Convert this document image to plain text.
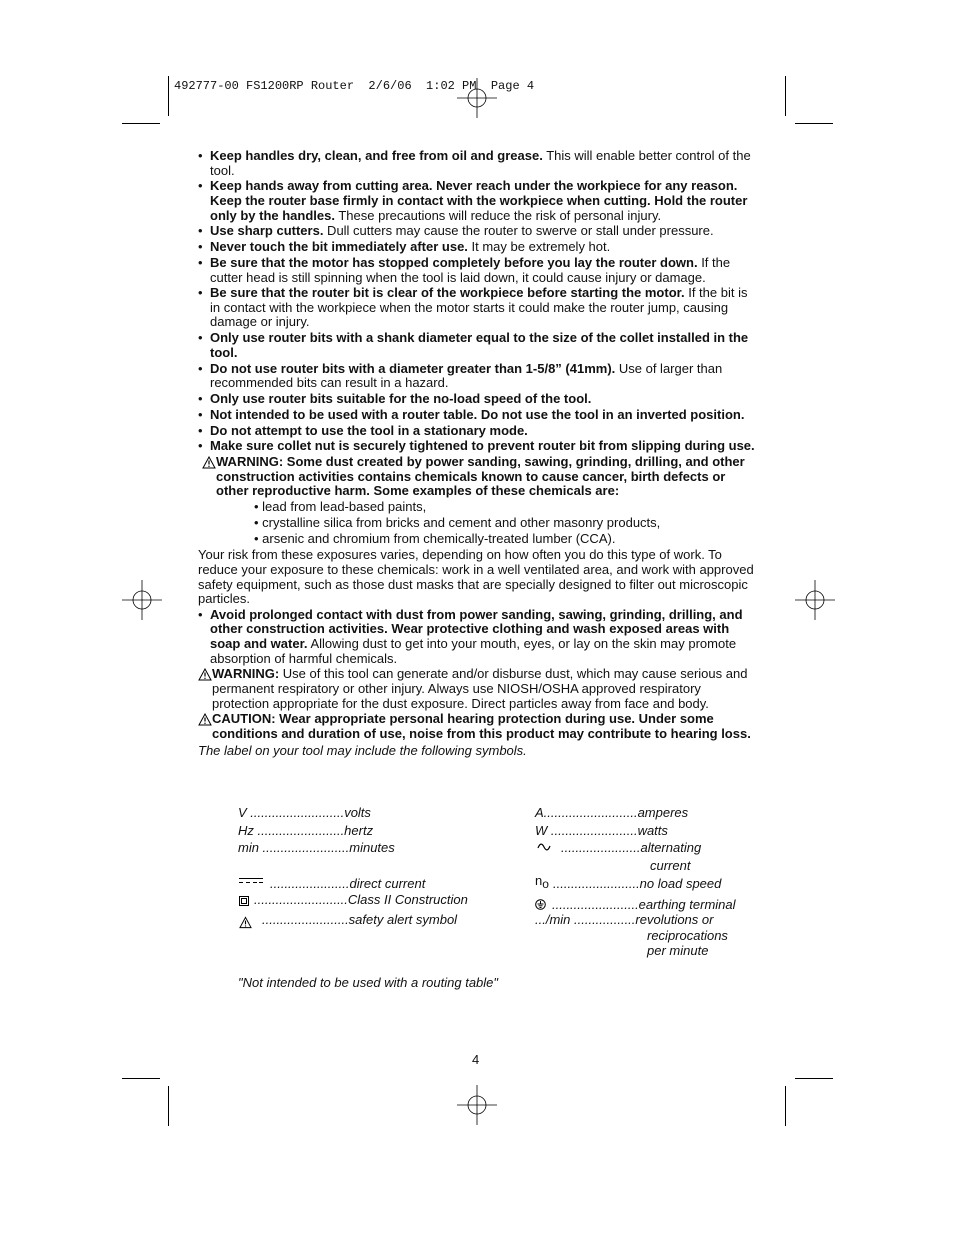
492777-00 FS1200RP Router  2/6/06  1:02 PM  Page 4
• Keep handles dry, clean, and free from oil and grease. This will enable better control of the tool.
• Keep hands away from cutting area. Never reach under the workpiece for any reason. Keep the router base firmly in contact with the workpiece when cutting. Hold the router only by the handles. These precautions will reduce the risk of personal injury.
• Use sharp cutters. Dull cutters may cause the router to swerve or stall under pressure.
• Never touch the bit immediately after use. It may be extremely hot.
• Be sure that the motor has stopped completely before you lay the router down. If the cutter head is still spinning when the tool is laid down, it could cause injury or damage.
• Be sure that the router bit is clear of the workpiece before starting the motor. If the bit is in contact with the workpiece when the motor starts it could make the router jump, causing damage or injury.
• Only use router bits with a shank diameter equal to the size of the collet installed in the tool.
• Do not use router bits with a diameter greater than 1-5/8” (41mm). Use of larger than recommended bits can result in a hazard.
• Only use router bits suitable for the no-load speed of the tool.
• Not intended to be used with a router table. Do not use the tool in an inverted position.
• Do not attempt to use the tool in a stationary mode.
• Make sure collet nut is securely tightened to prevent router bit from slipping during use.
WARNING: Some dust created by power sanding, sawing, grinding, drilling, and other construction activities contains chemicals known to cause cancer, birth defects or other reproductive harm. Some examples of these chemicals are:
• lead from lead-based paints,
• crystalline silica from bricks and cement and other masonry products,
• arsenic and chromium from chemically-treated lumber (CCA).
Your risk from these exposures varies, depending on how often you do this type of work. To reduce your exposure to these chemicals: work in a well ventilated area, and work with approved safety equipment, such as those dust masks that are specially designed to filter out microscopic particles.
• Avoid prolonged contact with dust from power sanding, sawing, grinding, drilling, and other construction activities. Wear protective clothing and wash exposed areas with soap and water. Allowing dust to get into your mouth, eyes, or lay on the skin may promote absorption of harmful chemicals.
WARNING: Use of this tool can generate and/or disburse dust, which may cause serious and permanent respiratory or other injury. Always use NIOSH/OSHA approved respiratory protection appropriate for the dust exposure. Direct particles away from face and body.
CAUTION: Wear appropriate personal hearing protection during use. Under some conditions and duration of use, noise from this product may contribute to hearing loss.
The label on your tool may include the following symbols.
V ..........................volts
Hz ........................hertz
min ........................minutes
......................direct current
..........................Class II Construction
........................safety alert symbol
A..........................amperes
W ........................watts
......................alternating
current
no ........................no load speed
........................earthing terminal
.../min .................revolutions or
reciprocations
per minute
"Not intended to be used with a routing table"
4
